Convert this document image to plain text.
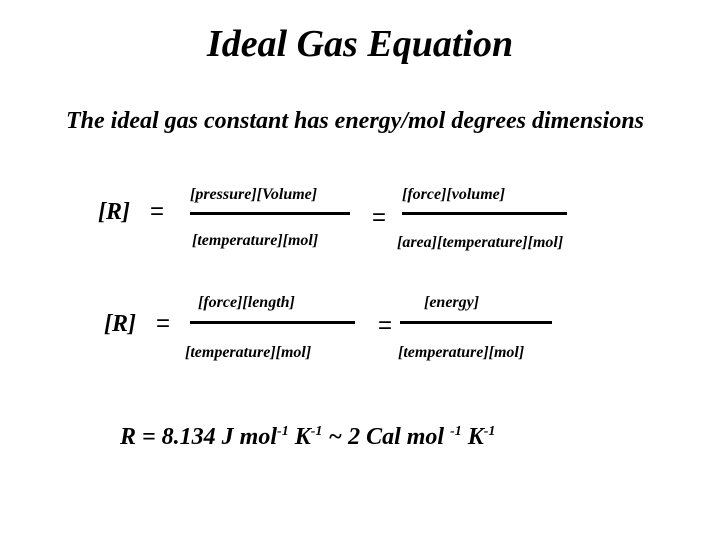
Ideal Gas Equation
The ideal gas constant has energy/mol degrees dimensions
[R] =
[pressure][Volume]
[temperature][mol]
=
[force][volume]
[area][temperature][mol]
[R] =
[force][length]
[temperature][mol]
=
[energy]
[temperature][mol]
R = 8.134 J mol$^{-1}$ $K^{-1}$ ~ 2 Cal mol $^{-1}$ $K^{-1}$
